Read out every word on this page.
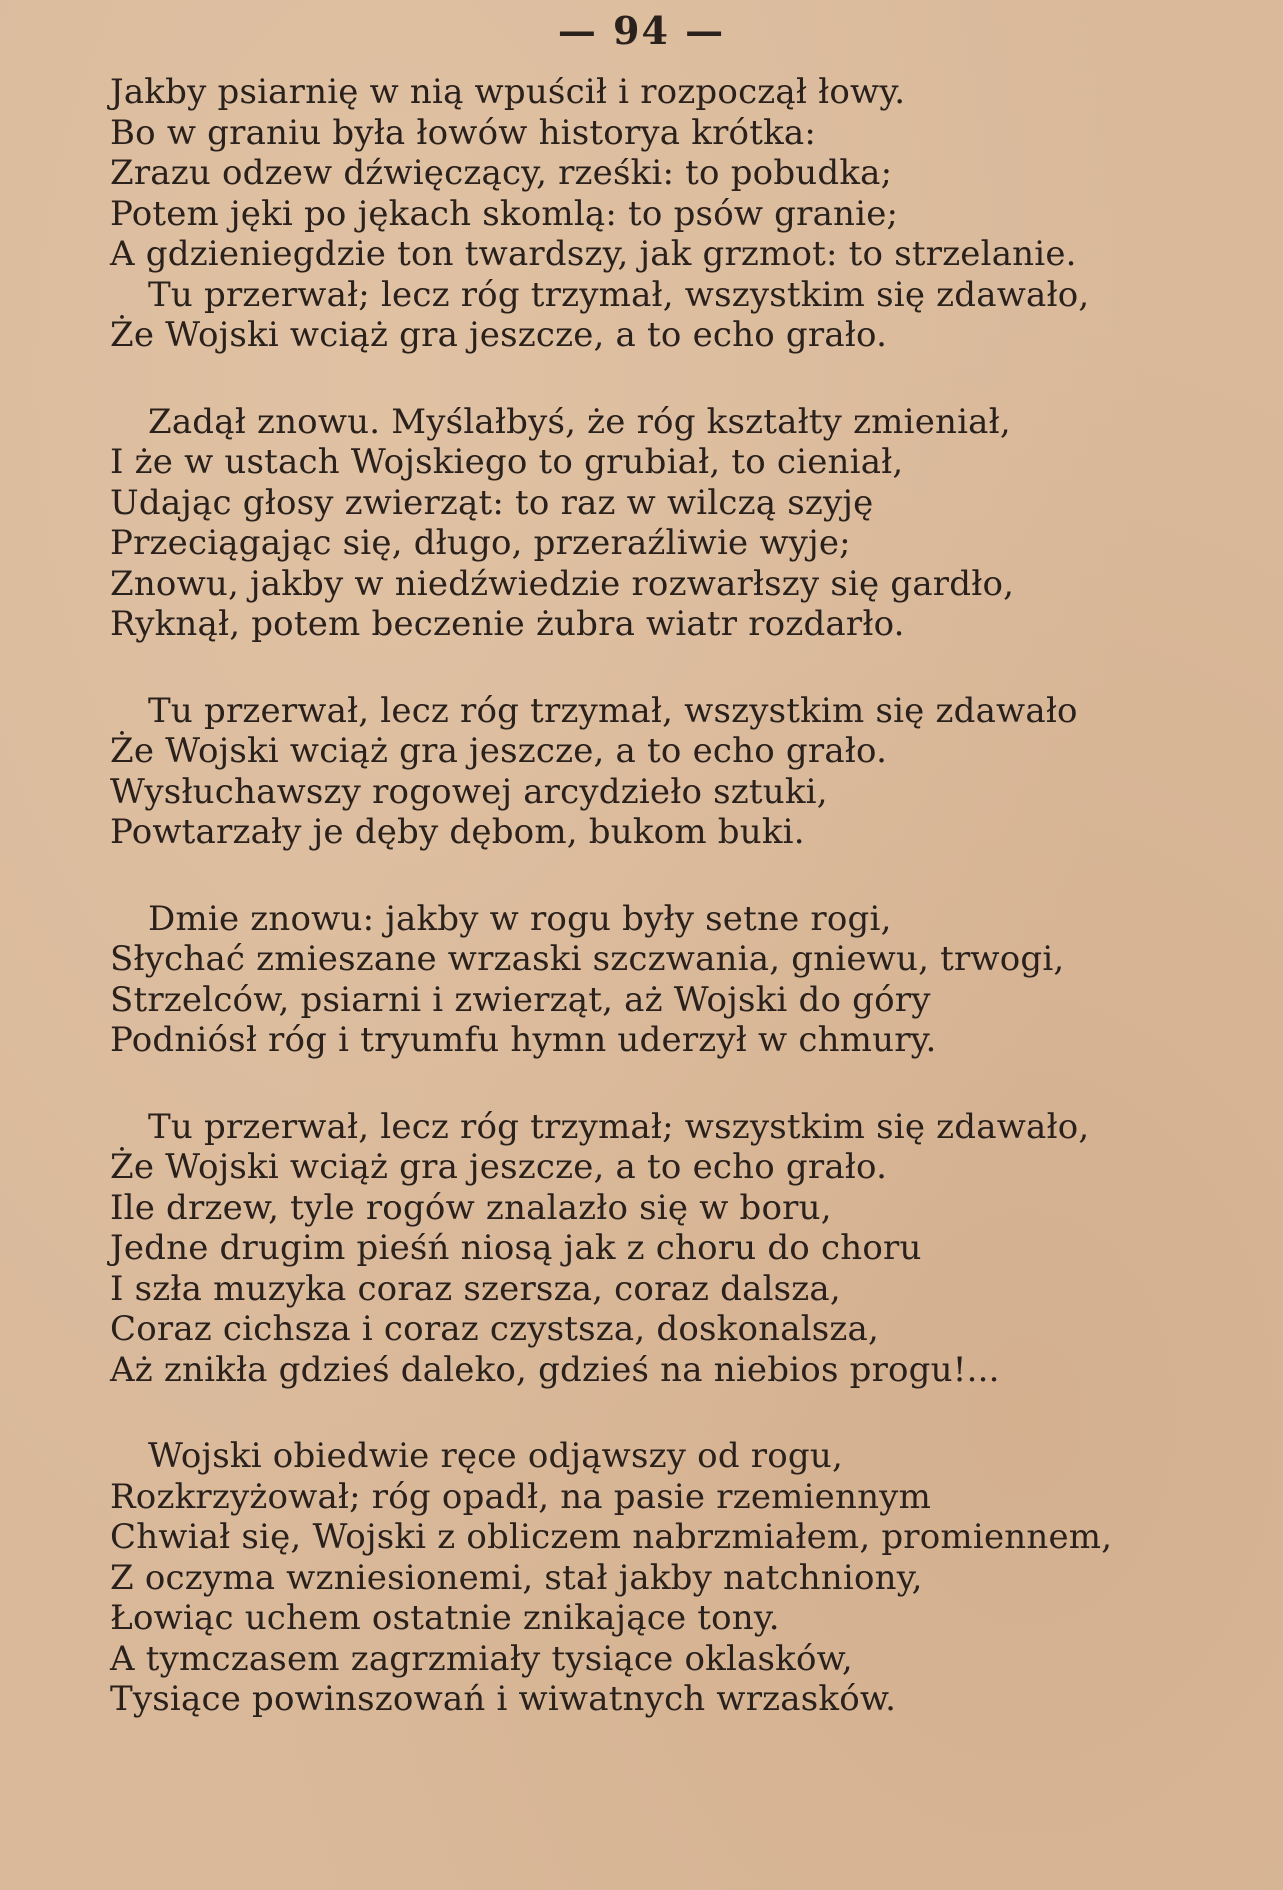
— 94 —
Jakby psiarnię w nią wpuścił i rozpoczął łowy.
Bo w graniu była łowów historya krótka:
Zrazu odzew dźwięczący, rześki: to pobudka;
Potem jęki po jękach skomlą: to psów granie;
A gdzieniegdzie ton twardszy, jak grzmot: to strzelanie.
Tu przerwał; lecz róg trzymał, wszystkim się zdawało,
Że Wojski wciąż gra jeszcze, a to echo grało.
Zadął znowu. Myślałbyś, że róg kształty zmieniał,
I że w ustach Wojskiego to grubiał, to cieniał,
Udając głosy zwierząt: to raz w wilczą szyję
Przeciągając się, długo, przeraźliwie wyje;
Znowu, jakby w niedźwiedzie rozwarłszy się gardło,
Ryknął, potem beczenie żubra wiatr rozdarło.
Tu przerwał, lecz róg trzymał, wszystkim się zdawało
Że Wojski wciąż gra jeszcze, a to echo grało.
Wysłuchawszy rogowej arcydzieło sztuki,
Powtarzały je dęby dębom, bukom buki.
Dmie znowu: jakby w rogu były setne rogi,
Słychać zmieszane wrzaski szczwania, gniewu, trwogi,
Strzelców, psiarni i zwierząt, aż Wojski do góry
Podniósł róg i tryumfu hymn uderzył w chmury.
Tu przerwał, lecz róg trzymał; wszystkim się zdawało,
Że Wojski wciąż gra jeszcze, a to echo grało.
Ile drzew, tyle rogów znalazło się w boru,
Jedne drugim pieśń niosą jak z choru do choru
I szła muzyka coraz szersza, coraz dalsza,
Coraz cichsza i coraz czystsza, doskonalsza,
Aż znikła gdzieś daleko, gdzieś na niebios progu!...
Wojski obiedwie ręce odjąwszy od rogu,
Rozkrzyżował; róg opadł, na pasie rzemiennym
Chwiał się, Wojski z obliczem nabrzmiałem, promiennem,
Z oczyma wzniesionemi, stał jakby natchniony,
Łowiąc uchem ostatnie znikające tony.
A tymczasem zagrzmiały tysiące oklasków,
Tysiące powinszowań i wiwatnych wrzasków.
